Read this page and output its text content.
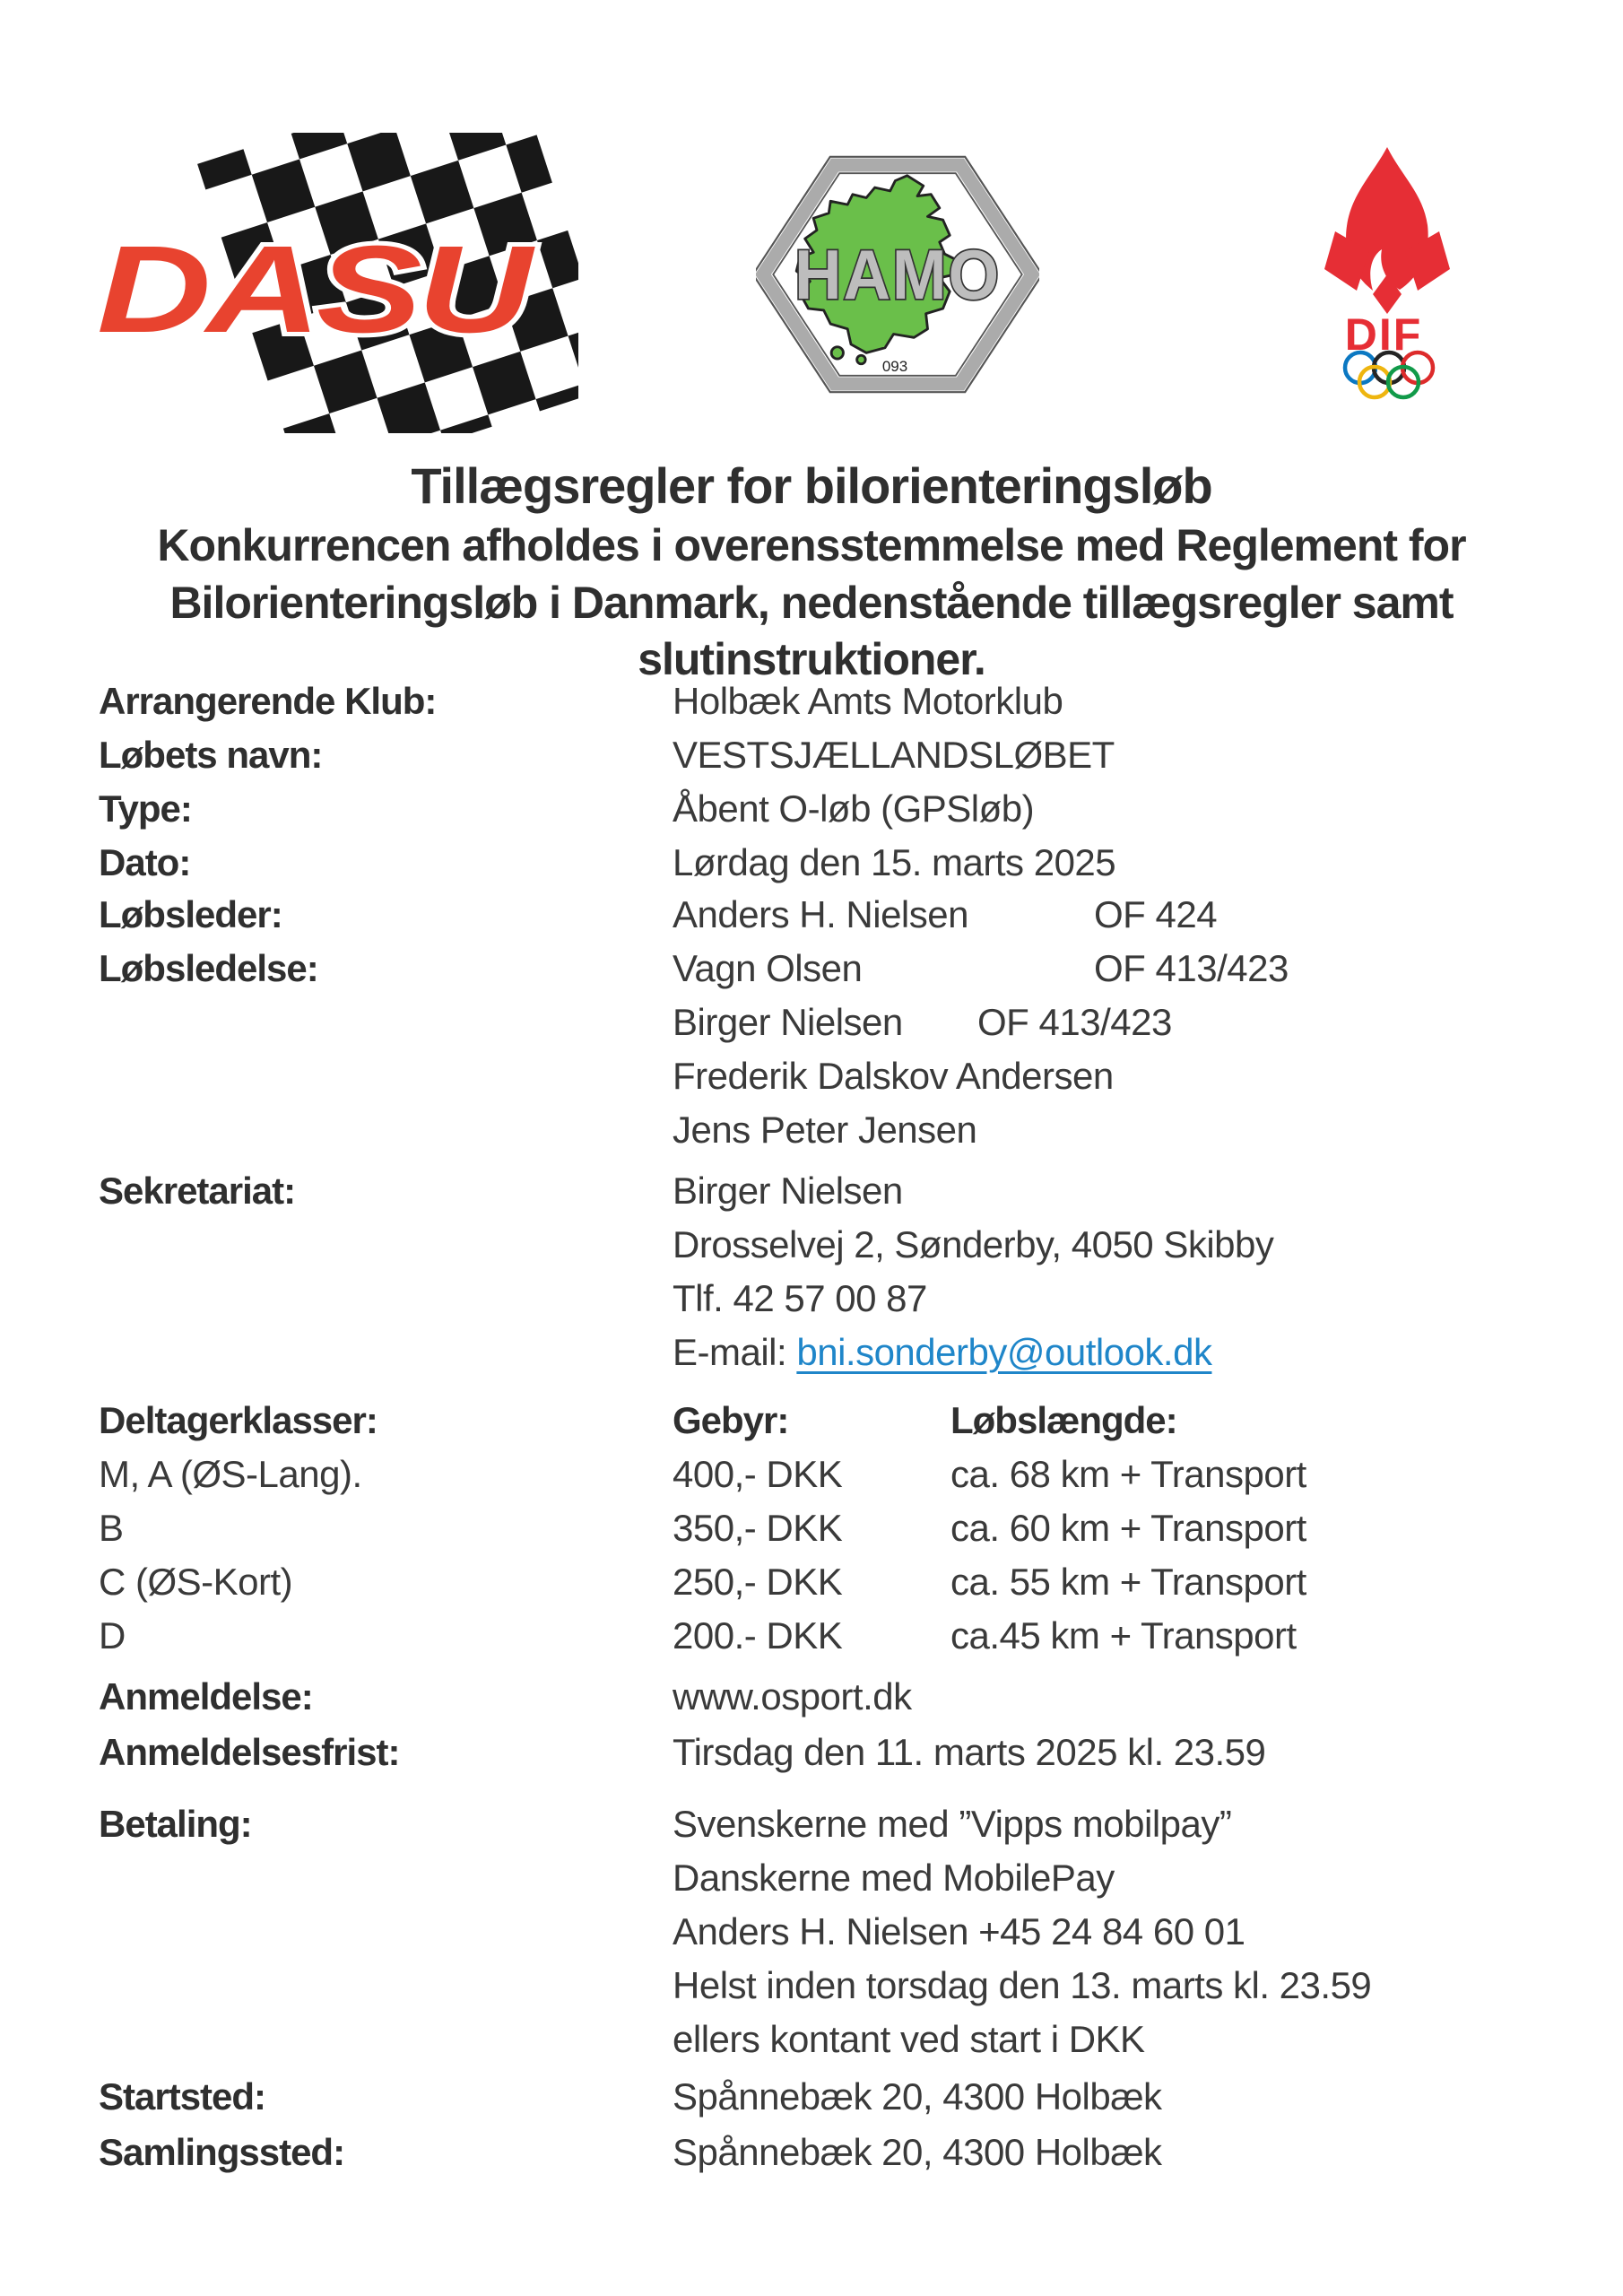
DASU	HAMO
093
DIF
Tillægsregler for bilorienteringsløb
Konkurrencen afholdes i overensstemmelse med Reglement for
Bilorienteringsløb i Danmark, nedenstående tillægsregler samt
slutinstruktioner.
Arrangerende Klub:	Holbæk Amts Motorklub
Løbets navn:	VESTSJÆLLANDSLØBET
Type:	Åbent O-løb (GPSløb)
Dato:	Lørdag den 15. marts 2025
Løbsleder:	Anders H. Nielsen	OF 424
Løbsledelse:	Vagn Olsen	OF 413/423
Birger Nielsen OF 413/423
Frederik Dalskov Andersen
Jens Peter Jensen
Sekretariat:	Birger Nielsen
Drosselvej 2, Sønderby, 4050 Skibby
Tlf. 42 57 00 87
E-mail: bni.sonderby@outlook.dk
Deltagerklasser:	Gebyr:	Løbslængde:
M, A (ØS-Lang).	400,- DKK	ca. 68 km + Transport
B	350,- DKK	ca. 60 km + Transport
C (ØS-Kort)	250,- DKK	ca. 55 km + Transport
D	200.- DKK	ca.45 km + Transport
Anmeldelse:	www.osport.dk
Anmeldelsesfrist:	Tirsdag den 11. marts 2025 kl. 23.59
Betaling:	Svenskerne med ”Vipps mobilpay”
Danskerne med MobilePay
Anders H. Nielsen +45 24 84 60 01
Helst inden torsdag den 13. marts kl. 23.59
ellers kontant ved start i DKK
Startsted:	Spånnebæk 20, 4300 Holbæk
Samlingssted:	Spånnebæk 20, 4300 Holbæk
